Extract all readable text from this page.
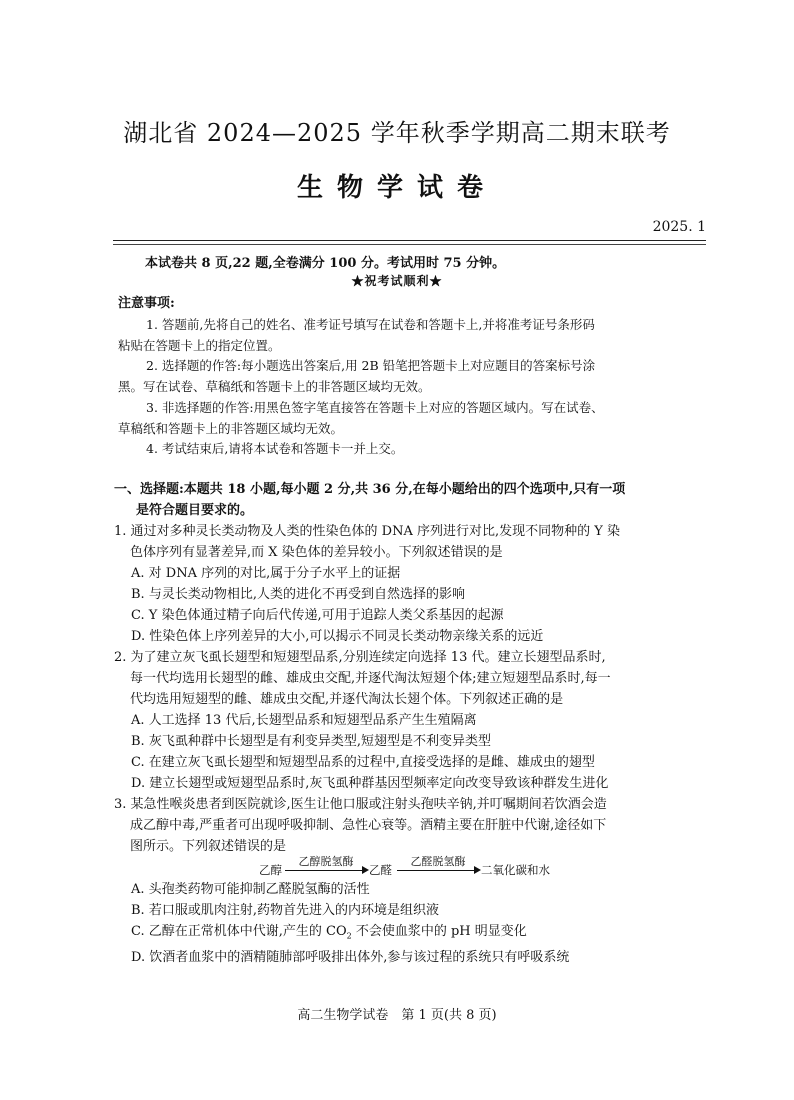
湖北省 2024—2025 学年秋季学期高二期末联考
生物学试卷
2025. 1
本试卷共 8 页,22 题,全卷满分 100 分。考试用时 75 分钟。
★祝考试顺利★
注意事项:

1. 答题前,先将自己的姓名、准考证号填写在试卷和答题卡上,并将准考证号条形码

粘贴在答题卡上的指定位置。

2. 选择题的作答:每小题选出答案后,用 2B 铅笔把答题卡上对应题目的答案标号涂

黑。写在试卷、草稿纸和答题卡上的非答题区域均无效。

3. 非选择题的作答:用黑色签字笔直接答在答题卡上对应的答题区域内。写在试卷、

草稿纸和答题卡上的非答题区域均无效。

4. 考试结束后,请将本试卷和答题卡一并上交。

一、选择题:本题共 18 小题,每小题 2 分,共 36 分,在每小题给出的四个选项中,只有一项

是符合题目要求的。

1. 通过对多种灵长类动物及人类的性染色体的 DNA 序列进行对比,发现不同物种的 Y 染

色体序列有显著差异,而 X 染色体的差异较小。下列叙述错误的是

A. 对 DNA 序列的对比,属于分子水平上的证据

B. 与灵长类动物相比,人类的进化不再受到自然选择的影响

C. Y 染色体通过精子向后代传递,可用于追踪人类父系基因的起源

D. 性染色体上序列差异的大小,可以揭示不同灵长类动物亲缘关系的远近

2. 为了建立灰飞虱长翅型和短翅型品系,分别连续定向选择 13 代。建立长翅型品系时,

每一代均选用长翅型的雌、雄成虫交配,并逐代淘汰短翅个体;建立短翅型品系时,每一

代均选用短翅型的雌、雄成虫交配,并逐代淘汰长翅个体。下列叙述正确的是

A. 人工选择 13 代后,长翅型品系和短翅型品系产生生殖隔离

B. 灰飞虱种群中长翅型是有利变异类型,短翅型是不利变异类型

C. 在建立灰飞虱长翅型和短翅型品系的过程中,直接受选择的是雌、雄成虫的翅型

D. 建立长翅型或短翅型品系时,灰飞虱种群基因型频率定向改变导致该种群发生进化

3. 某急性喉炎患者到医院就诊,医生让他口服或注射头孢呋辛钠,并叮嘱期间若饮酒会造

成乙醇中毒,严重者可出现呼吸抑制、急性心衰等。酒精主要在肝脏中代谢,途径如下

图所示。下列叙述错误的是

乙醇
乙醇脱氢酶
乙醛
乙醛脱氢酶
二氧化碳和水

A. 头孢类药物可能抑制乙醛脱氢酶的活性

B. 若口服或肌肉注射,药物首先进入的内环境是组织液

C. 乙醇在正常机体中代谢,产生的 $CO_2$ 不会使血浆中的 pH 明显变化

D. 饮酒者血浆中的酒精随肺部呼吸排出体外,参与该过程的系统只有呼吸系统

高二生物学试卷　第 1 页(共 8 页)
